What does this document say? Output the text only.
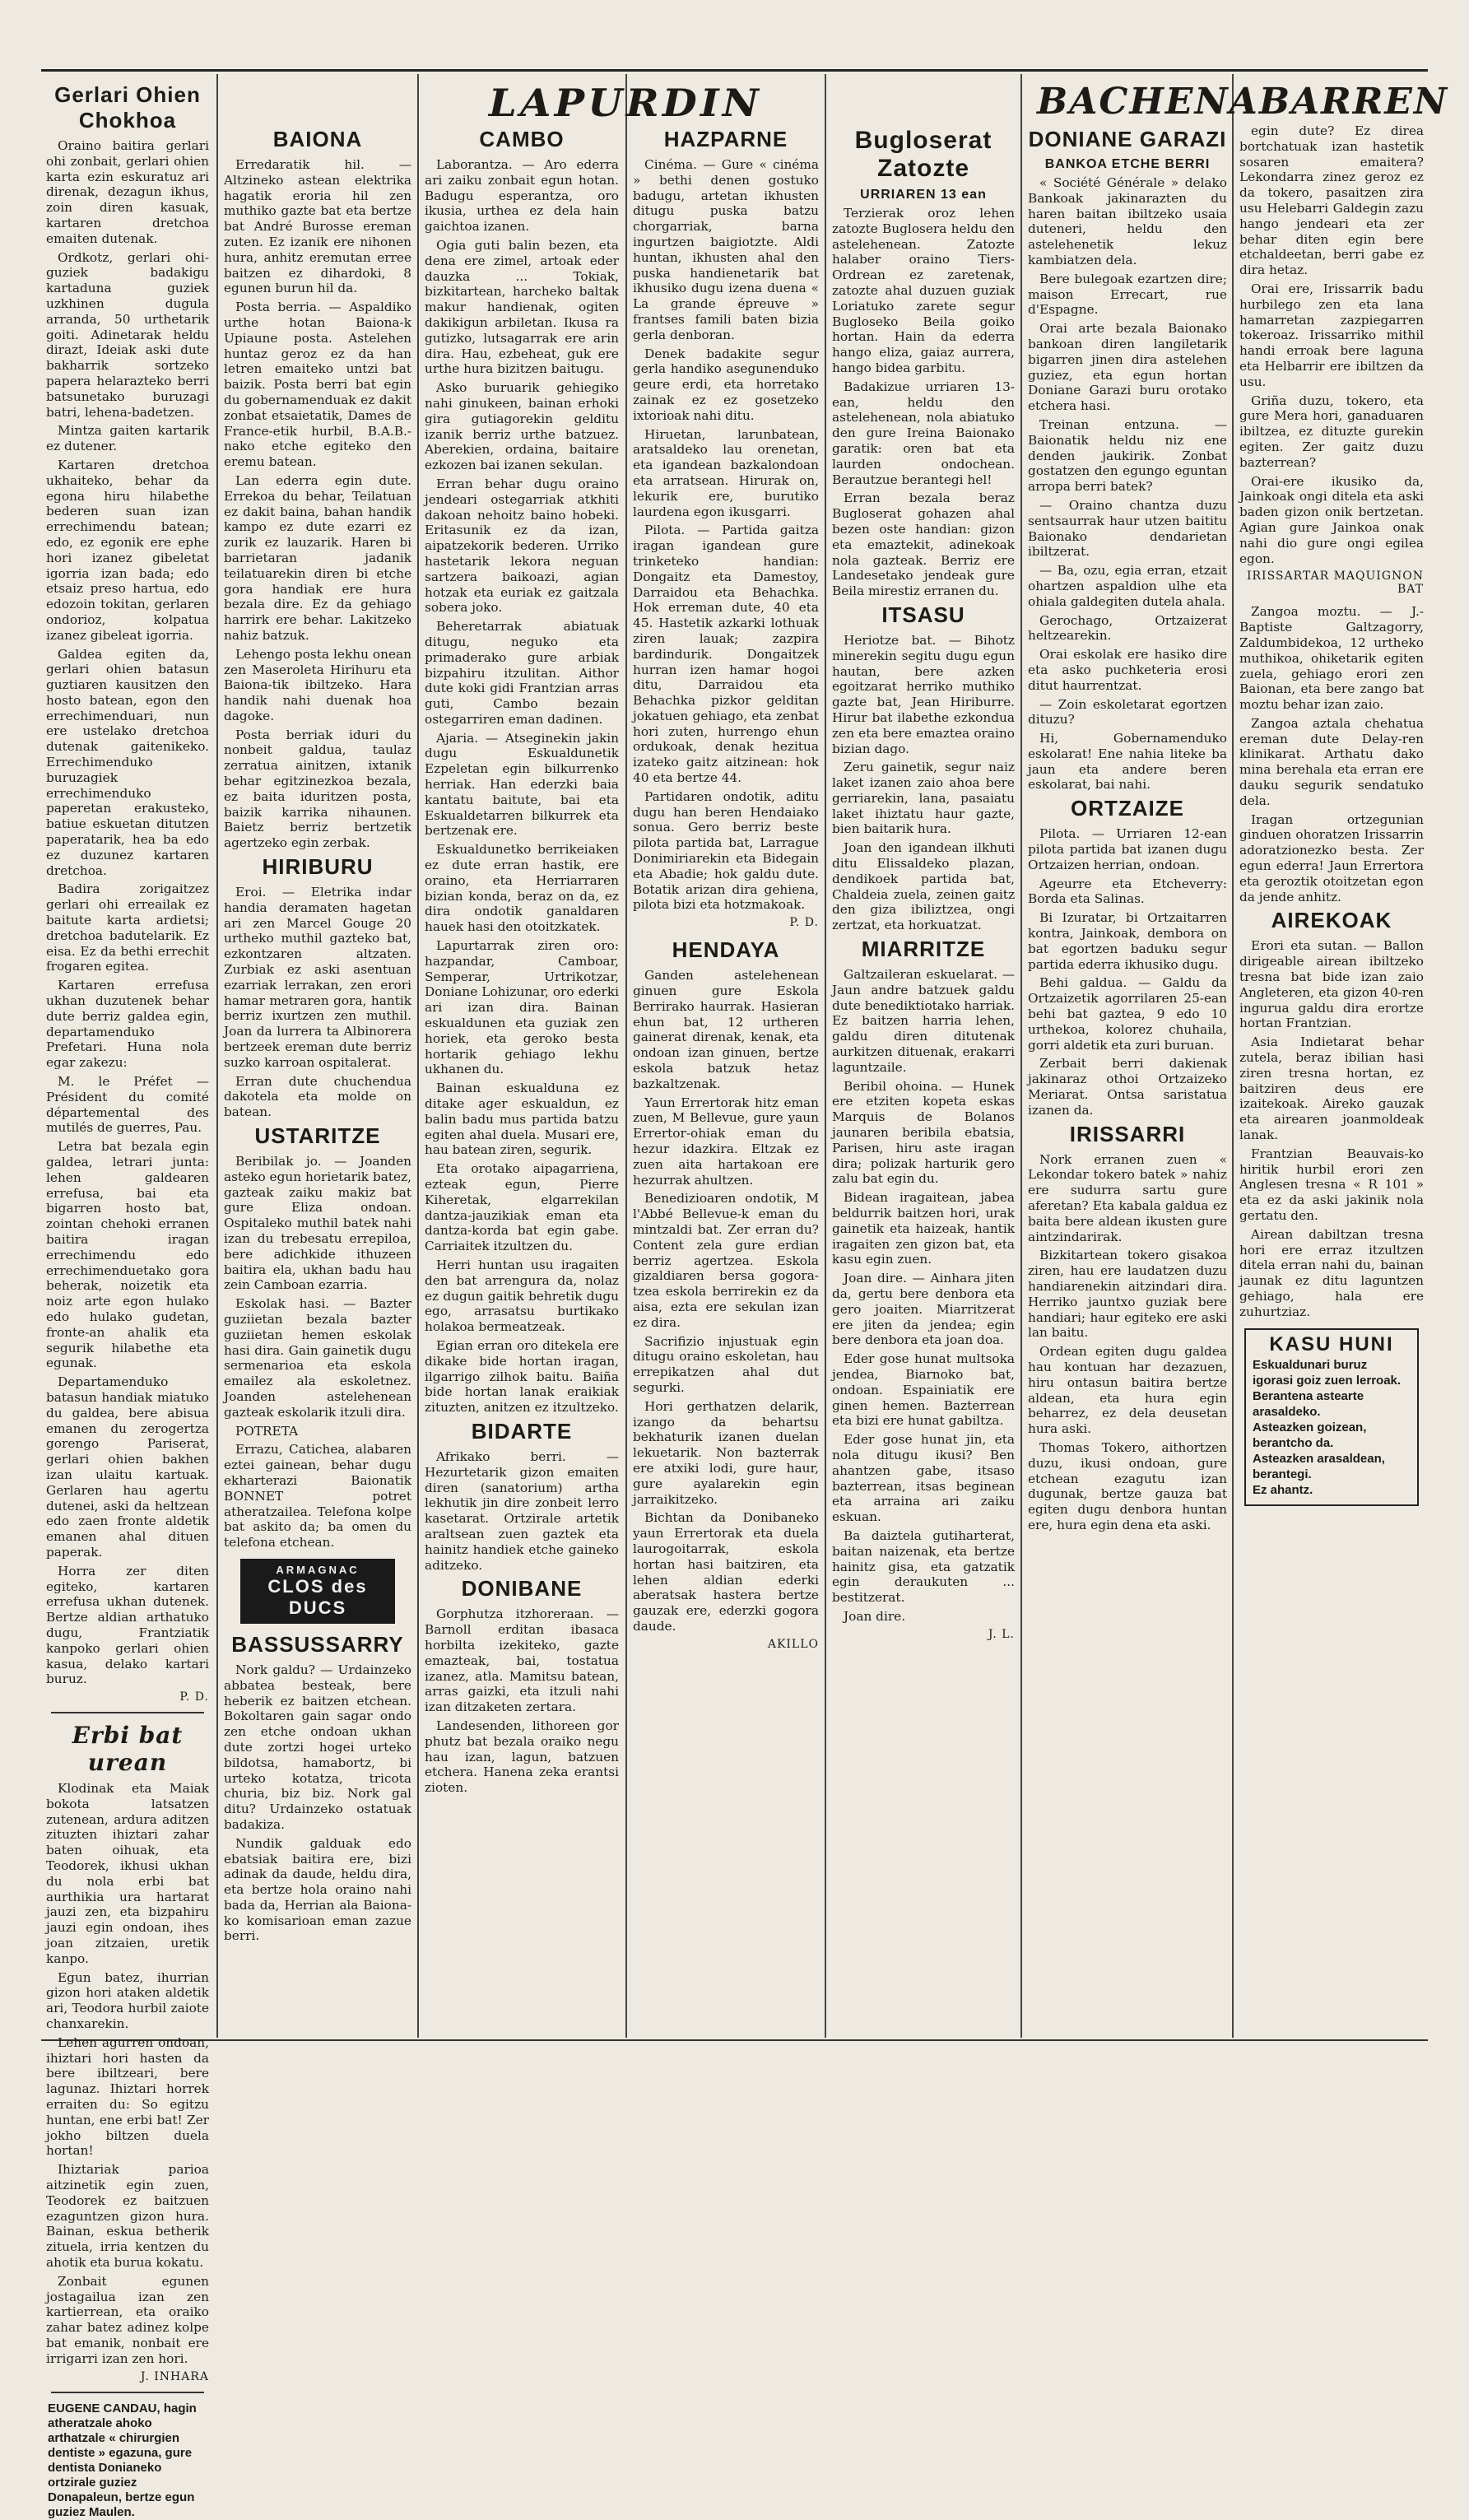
LAPURDIN	BACHENABARREN
Gerlari Ohien Chokhoa

Oraino baitira gerlari ohi zonbait, gerlari ohien karta ezin eskuratuz ari direnak, dezagun ikhus, zoin diren kasuak, kartaren dretchoa emaiten dutenak.

Ordkotz, gerlari ohi-guziek badakigu kartaduna guziek uzkhinen dugula arranda, 50 urthetarik goiti. Adinetarak heldu dirazt, Ideiak aski dute bakharrik sortzeko papera helarazteko berri batsunetako buruzagi batri, lehena-badetzen.

Mintza gaiten kartarik ez dutener.

Kartaren dretchoa ukhaiteko, behar da egona hiru hilabethe bederen suan izan errechimendu batean; edo, ez egonik ere ephe hori izanez gibeletat igorria izan bada; edo etsaiz preso hartua, edo edozoin tokitan, gerlaren ondorioz, kolpatua izanez gibeleat igorria.

Galdea egiten da, gerlari ohien batasun guztiaren kausitzen den hosto batean, egon den errechimenduari, nun ere ustelako dretchoa dutenak gaitenikeko. Errechimenduko buruzagiek errechimenduko paperetan erakusteko, batiue eskuetan ditutzen paperatarik, hea ba edo ez duzunez kartaren dretchoa.

Badira zorigaitzez gerlari ohi erreailak ez baitute karta ardietsi; dretchoa badutelarik. Ez eisa. Ez da bethi errechit frogaren egitea.

Kartaren errefusa ukhan duzutenek behar dute berriz galdea egin, departamenduko Prefetari. Huna nola egar zakezu:

M. le Préfet — Président du comité départemental des mutilés de guerres, Pau.

Letra bat bezala egin galdea, letrari junta: lehen galdearen errefusa, bai eta bigarren hosto bat, zointan chehoki erranen baitira iragan errechimendu edo errechimenduetako gora beherak, noizetik eta noiz arte egon hulako edo hulako gudetan, fronte-an ahalik eta segurik hilabethe eta egunak.

Departamenduko batasun handiak miatuko du galdea, bere abisua emanen du zerogertza gorengo Pariserat, gerlari ohien bakhen izan ulaitu kartuak. Gerlaren hau agertu dutenei, aski da heltzean edo zaen fronte aldetik emanen ahal dituen paperak.

Horra zer diten egiteko, kartaren errefusa ukhan dutenek. Bertze aldian arthatuko dugu, Frantziatik kanpoko gerlari ohien kasua, delako kartari buruz.

P. D.

Erbi bat urean

Klodinak eta Maiak bokota latsatzen zutenean, ardura aditzen zituzten ihiztari zahar baten oihuak, eta Teodorek, ikhusi ukhan du nola erbi bat aurthikia ura hartarat jauzi zen, eta bizpahiru jauzi egin ondoan, ihes joan zitzaien, uretik kanpo.

Egun batez, ihurrian gizon hori ataken aldetik ari, Teodora hurbil zaiote chanxarekin.

Lehen agurren ondoan, ihiztari hori hasten da bere ibiltzeari, bere lagunaz. Ihiztari horrek erraiten du: So egitzu huntan, ene erbi bat! Zer jokho biltzen duela hortan!

Ihiztariak parioa aitzinetik egin zuen, Teodorek ez baitzuen ezaguntzen gizon hura. Bainan, eskua betherik zituela, irria kentzen du ahotik eta burua kokatu.

Zonbait egunen jostagailua izan zen kartierrean, eta oraiko zahar batez adinez kolpe bat emanik, nonbait ere irrigarri izan zen hori.

J. INHARA

EUGENE CANDAU, hagin atheratzale ahoko arthatzale « chirurgien dentiste » egazuna, gure dentista Donianeko ortzirale guziez Donapaleun, bertze egun guziez Maulen.
BAIONA

Erredaratik hil. — Altzineko astean elektrika hagatik eroria hil zen muthiko gazte bat eta bertze bat André Burosse ereman zuten. Ez izanik ere nihonen hura, anhitz eremutan erree baitzen ez dihardoki, 8 egunen burun hil da.

Posta berria. — Aspaldiko urthe hotan Baiona-k Upiaune posta. Astelehen huntaz geroz ez da han letren emaiteko untzi bat baizik. Posta berri bat egin du gobernamenduak ez dakit zonbat etsaietatik, Dames de France-etik hurbil, B.A.B.-nako etche egiteko den eremu batean.

Lan ederra egin dute. Errekoa du behar, Teilatuan ez dakit baina, bahan handik kampo ez dute ezarri ez zurik ez lauzarik. Haren bi barrietaran jadanik teilatuarekin diren bi etche gora handiak ere hura bezala dire. Ez da gehiago harrirk ere behar. Lakitzeko nahiz batzuk.

Lehengo posta lekhu onean zen Maseroleta Hirihuru eta Baiona-tik ibiltzeko. Hara handik nahi duenak hoa dagoke.

Posta berriak iduri du nonbeit galdua, taulaz zerratua ainitzen, ixtanik behar egitzinezkoa bezala, ez baita iduritzen posta, baizik karrika nihaunen. Baietz berriz bertzetik agertzeko egin zerbak.

HIRIBURU

Eroi. — Eletrika indar handia deramaten hagetan ari zen Marcel Gouge 20 urtheko muthil gazteko bat, ezkontzaren altzaten. Zurbiak ez aski asentuan ezarriak lerrakan, zen erori hamar metraren gora, hantik berriz ixurtzen zen muthil. Joan da lurrera ta Albinorera bertzeek ereman dute berriz suzko karroan ospitalerat.

Erran dute chuchendua dakotela eta molde on batean.

USTARITZE

Beribilak jo. — Joanden asteko egun horietarik batez, gazteak zaiku makiz bat gure Eliza ondoan. Ospitaleko muthil batek nahi izan du trebesatu errepiloa, bere adichkide ithuzeen baitira ela, ukhan badu hau zein Camboan ezarria.

Eskolak hasi. — Bazter guziietan bezala bazter guziietan hemen eskolak hasi dira. Gain gainetik dugu sermenarioa eta eskola emailez ala eskoletnez. Joanden astelehenean gazteak eskolarik itzuli dira.

POTRETA

Errazu, Catichea, alabaren eztei gainean, behar dugu ekharterazi Baionatik BONNET potret atheratzailea. Telefona kolpe bat askito da; ba omen du telefona etchean.

ARMAGNAC
CLOS des DUCS
BASSUSSARRY

Nork galdu? — Urdainzeko abbatea besteak, bere heberik ez baitzen etchean. Bokoltaren gain sagar ondo zen etche ondoan ukhan dute zortzi hogei urteko bildotsa, hamabortz, bi urteko kotatza, tricota churia, biz biz. Nork gal ditu? Urdainzeko ostatuak badakiza.

Nundik galduak edo ebatsiak baitira ere, bizi adinak da daude, heldu dira, eta bertze hola oraino nahi bada da, Herrian ala Baiona-ko komisarioan eman zazue berri.

CAMBO

Laborantza. — Aro ederra ari zaiku zonbait egun hotan. Badugu esperantza, oro ikusia, urthea ez dela hain gaichtoa izanen.

Ogia guti balin bezen, eta dena ere zimel, artoak eder dauzka ... Tokiak, bizkitartean, harcheko baltak makur handienak, ogiten dakikigun arbiletan. Ikusa ra gutizko, lutsagarrak ere arin dira. Hau, ezbeheat, guk ere urthe hura bizitzen baitugu.

Asko buruarik gehiegiko nahi ginukeen, bainan erhoki gira gutiagorekin gelditu izanik berriz urthe batzuez. Aberekien, ordaina, baitaire ezkozen bai izanen sekulan.

Erran behar dugu oraino jendeari ostegarriak atkhiti dakoan nehoitz baino hobeki. Eritasunik ez da izan, aipatzekorik bederen. Urriko hastetarik lekora neguan sartzera baikoazi, agian hotzak eta euriak ez gaitzala sobera joko.

Beheretarrak abiatuak ditugu, neguko eta primaderako gure arbiak bizpahiru itzulitan. Aithor dute koki gidi Frantzian arras guti, Cambo bezain ostegarriren eman dadinen.

Ajaria. — Atseginekin jakin dugu Eskualdunetik Ezpeletan egin bilkurrenko herriak. Han ederzki baia kantatu baitute, bai eta Eskualdetarren bilkurrek eta bertzenak ere.

Eskualdunetko berrikeiaken ez dute erran hastik, ere oraino, eta Herriarraren bizian konda, beraz on da, ez dira ondotik ganaldaren hauek hasi den otoitzkatek.

Lapurtarrak ziren oro: hazpandar, Camboar, Semperar, Urtrikotzar, Doniane Lohizunar, oro ederki ari izan dira. Bainan eskualdunen eta guziak zen horiek, eta geroko besta hortarik gehiago lekhu ukhanen du.

Bainan eskualduna ez ditake ager eskualdun, ez balin badu mus partida batzu egiten ahal duela. Musari ere, hau batean ziren, segurik.

Eta orotako aipagarriena, ezteak egun, Pierre Kiheretak, elgarrekilan dantza-jauzikiak eman eta dantza-korda bat egin gabe. Carriaitek itzultzen du.

Herri huntan usu iragaiten den bat arrengura da, nolaz ez dugun gaitik behretik dugu ego, arrasatsu burtikako holakoa bermeatzeak.

Egian erran oro ditekela ere dikake bide hortan iragan, ilgarrigo zilhok baitu. Baiña bide hortan lanak eraikiak zituzten, anitzen ez itzultzeko.

BIDARTE

Afrikako berri. — Hezurtetarik gizon emaiten diren (sanatorium) artha lekhutik jin dire zonbeit lerro kasetarat. Ortzirale artetik araltsean zuen gaztek eta hainitz handiek etche gaineko aditzeko.

DONIBANE

Gorphutza itzhoreraan. — Barnoll erditan ibasaca horbilta izekiteko, gazte emazteak, bai, tostatua izanez, atla. Mamitsu batean, arras gaizki, eta itzuli nahi izan ditzaketen zertara.

Landesenden, lithoreen gor phutz bat bezala oraiko negu hau izan, lagun, batzuen etchera. Hanena zeka erantsi zioten.

HAZPARNE

Cinéma. — Gure « cinéma » bethi denen gostuko badugu, artetan ikhusten ditugu puska batzu chorgarriak, barna ingurtzen baigiotzte. Aldi huntan, ikhusten ahal den puska handienetarik bat ikhusiko dugu izena duena « La grande épreuve » frantses famili baten bizia gerla denboran.

Denek badakite segur gerla handiko asegunenduko geure erdi, eta horretako zainak ez ez gosetzeko ixtorioak nahi ditu.

Hiruetan, larunbatean, aratsaldeko lau orenetan, eta igandean bazkalondoan eta arratsean. Hirurak on, lekurik ere, burutiko laurdena egon ikusgarri.

Pilota. — Partida gaitza iragan igandean gure trinketeko handian: Dongaitz eta Damestoy, Darraidou eta Behachka. Hok erreman dute, 40 eta 45. Hastetik azkarki lothuak ziren lauak; zazpira bardindurik. Dongaitzek hurran izen hamar hogoi ditu, Darraidou eta Behachka pizkor gelditan jokatuen gehiago, eta zenbat hori zuten, hurrengo ehun ordukoak, denak hezitua izateko gaitz aitzinean: hok 40 eta bertze 44.

Partidaren ondotik, aditu dugu han beren Hendaiako sonua. Gero berriz beste pilota partida bat, Larrague Donimiriarekin eta Bidegain eta Abadie; hok galdu dute. Botatik arizan dira gehiena, pilota bizi eta hotzmakoak.

P. D.

HENDAYA

Ganden astelehenean ginuen gure Eskola Berrirako haurrak. Hasieran ehun bat, 12 urtheren gainerat direnak, kenak, eta ondoan izan ginuen, bertze eskola batzuk hetaz bazkaltzenak.

Yaun Errertorak hitz eman zuen, M Bellevue, gure yaun Errertor-ohiak eman du hezur idazkira. Eltzak ez zuen aita hartakoan ere hezurrak ahultzen.

Benedizioaren ondotik, M l'Abbé Bellevue-k eman du mintzaldi bat. Zer erran du? Content zela gure erdian berriz agertzea. Eskola gizaldiaren bersa gogora-tzea eskola berrirekin ez da aisa, ezta ere sekulan izan ez dira.

Sacrifizio injustuak egin ditugu oraino eskoletan, hau errepikatzen ahal dut segurki.

Hori gerthatzen delarik, izango da behartsu bekhaturik izanen duelan lekuetarik. Non bazterrak ere atxiki lodi, gure haur, gure ayalarekin egin jarraikitzeko.

Bichtan da Donibaneko yaun Errertorak eta duela laurogoitarrak, eskola hortan hasi baitziren, eta lehen aldian ederki aberatsak hastera bertze gauzak ere, ederzki gogora daude.

AKILLO

Bugloserat Zatozte
URRIAREN 13 ean

Terzierak oroz lehen zatozte Buglosera heldu den astelehenean. Zatozte halaber oraino Tiers-Ordrean ez zaretenak, zatozte ahal duzuen guziak Loriatuko zarete segur Bugloseko Beila goiko hortan. Hain da ederra hango eliza, gaiaz aurrera, hango bidea garbitu.

Badakizue urriaren 13-ean, heldu den astelehenean, nola abiatuko den gure Ireina Baionako garatik: oren bat eta laurden ondochean. Berautzue berantegi hel!

Erran bezala beraz Bugloserat gohazen ahal bezen oste handian: gizon eta emaztekit, adinekoak nola gazteak. Berriz ere Landesetako jendeak gure Beila mirestiz erranen du.

ITSASU

Heriotze bat. — Bihotz minerekin segitu dugu egun hautan, bere azken egoitzarat herriko muthiko gazte bat, Jean Hiriburre. Hirur bat ilabethe ezkondua zen eta bere emaztea oraino bizian dago.

Zeru gainetik, segur naiz laket izanen zaio ahoa bere gerriarekin, lana, pasaiatu laket ihiztatu haur gazte, bien baitarik hura.

Joan den igandean ilkhuti ditu Elissaldeko plazan, dendikoek partida bat, Chaldeia zuela, zeinen gaitz den giza ibiliztzea, ongi zertzat, eta horkuatzat.

MIARRITZE

Galtzaileran eskuelarat. — Jaun andre batzuek galdu dute benediktiotako harriak. Ez baitzen harria lehen, galdu diren ditutenak aurkitzen dituenak, erakarri laguntzaile.

Beribil ohoina. — Hunek ere etziten kopeta eskas Marquis de Bolanos jaunaren beribila ebatsia, Parisen, hiru aste iragan dira; polizak harturik gero zalu bat egin du.

Bidean iragaitean, jabea beldurrik baitzen hori, urak gainetik eta haizeak, hantik iragaiten zen gizon bat, eta kasu egin zuen.

Joan dire. — Ainhara jiten da, gertu bere denbora eta gero joaiten. Miarritzerat ere jiten da jendea; egin bere denbora eta joan doa.

Eder gose hunat multsoka jendea, Biarnoko bat, ondoan. Espainiatik ere ginen hemen. Bazterrean eta bizi ere hunat gabiltza.

Eder gose hunat jin, eta nola ditugu ikusi? Ben ahantzen gabe, itsaso bazterrean, itsas beginean eta arraina ari zaiku eskuan.

Ba daiztela gutiharterat, baitan naizenak, eta bertze hainitz gisa, eta gatzatik egin deraukuten ... bestitzerat.

Joan dire.

J. L.

DONIANE GARAZI
BANKOA ETCHE BERRI

« Société Générale » delako Bankoak jakinarazten du haren baitan ibiltzeko usaia duteneri, heldu den astelehenetik lekuz kambiatzen dela.

Bere bulegoak ezartzen dire; maison Errecart, rue d'Espagne.

Orai arte bezala Baionako bankoan diren langiletarik bigarren jinen dira astelehen guziez, eta egun hortan Doniane Garazi buru orotako etchera hasi.

Treinan entzuna. — Baionatik heldu niz ene denden jaukirik. Zonbat gostatzen den egungo eguntan arropa berri batek?

— Oraino chantza duzu sentsaurrak haur utzen baititu Baionako dendarietan ibiltzerat.

— Ba, ozu, egia erran, etzait ohartzen aspaldion ulhe eta ohiala galdegiten dutela ahala.

Gerochago, Ortzaizerat heltzearekin.

Orai eskolak ere hasiko dire eta asko puchketeria erosi ditut haurrentzat.

— Zoin eskoletarat egortzen dituzu?

Hi, Gobernamenduko eskolarat! Ene nahia liteke ba jaun eta andere beren eskolarat, bai nahi.

ORTZAIZE

Pilota. — Urriaren 12-ean pilota partida bat izanen dugu Ortzaizen herrian, ondoan.

Ageurre eta Etcheverry: Borda eta Salinas.

Bi Izuratar, bi Ortzaitarren kontra, Jainkoak, dembora on bat egortzen baduku segur partida ederra ikhusiko dugu.

Behi galdua. — Galdu da Ortzaizetik agorrilaren 25-ean behi bat gaztea, 9 edo 10 urthekoa, kolorez chuhaila, gorri aldetik eta zuri buruan.

Zerbait berri dakienak jakinaraz othoi Ortzaizeko Meriarat. Ontsa saristatua izanen da.

IRISSARRI

Nork erranen zuen « Lekondar tokero batek » nahiz ere sudurra sartu gure aferetan? Eta kabala galdua ez baita bere aldean ikusten gure aintzindarirak.

Bizkitartean tokero gisakoa ziren, hau ere laudatzen duzu handiarenekin aitzindari dira. Herriko jauntxo guziak bere handiari; haur egiteko ere aski lan baitu.

Ordean egiten dugu galdea hau kontuan har dezazuen, hiru ontasun baitira bertze aldean, eta hura egin beharrez, ez dela deusetan hura aski.

Thomas Tokero, aithortzen duzu, ikusi ondoan, gure etchean ezagutu izan dugunak, bertze gauza bat egiten dugu denbora huntan ere, hura egin dena eta aski.

egin dute? Ez direa bortchatuak izan hastetik sosaren emaitera? Lekondarra zinez geroz ez da tokero, pasaitzen zira usu Helebarri Galdegin zazu hango jendeari eta zer behar diten egin bere etchaldeetan, berri gabe ez dira hetaz.

Orai ere, Irissarrik badu hurbilego zen eta lana hamarretan zazpiegarren tokeroaz. Irissarriko mithil handi erroak bere laguna eta Helbarrir ere ibiltzen da usu.

Griña duzu, tokero, eta gure Mera hori, ganaduaren ibiltzea, ez dituzte gurekin egiten. Zer gaitz duzu bazterrean?

Orai-ere ikusiko da, Jainkoak ongi ditela eta aski baden gizon onik bertzetan. Agian gure Jainkoa onak nahi dio gure ongi egilea egon.

IRISSARTAR MAQUIGNON BAT

Zangoa moztu. — J.-Baptiste Galtzagorry, Zaldumbidekoa, 12 urtheko muthikoa, ohiketarik egiten zuela, gehiago erori zen Baionan, eta bere zango bat moztu behar izan zaio.

Zangoa aztala chehatua ereman dute Delay-ren klinikarat. Arthatu dako mina berehala eta erran ere dauku segurik sendatuko dela.

Iragan ortzegunian ginduen ohoratzen Irissarrin adoratzionezko besta. Zer egun ederra! Jaun Errertora eta geroztik otoitzetan egon da jende anhitz.

AIREKOAK

Erori eta sutan. — Ballon dirigeable airean ibiltzeko tresna bat bide izan zaio Angleteren, eta gizon 40-ren ingurua galdu dira erortze hortan Frantzian.

Asia Indietarat behar zutela, beraz ibilian hasi ziren tresna hortan, ez baitziren deus ere izaitekoak. Aireko gauzak eta airearen joanmoldeak lanak.

Frantzian Beauvais-ko hiritik hurbil erori zen Anglesen tresna « R 101 » eta ez da aski jakinik nola gertatu den.

Airean dabiltzan tresna hori ere erraz itzultzen ditela erran nahi du, bainan jaunak ez ditu laguntzen gehiago, hala ere zuhurtziaz.

KASU HUNI
Eskualdunari buruz igorasi goiz zuen lerroak.
Berantena astearte arasaldeko.
Asteazken goizean, berantcho da.
Asteazken arasaldean, berantegi.
Ez ahantz.
